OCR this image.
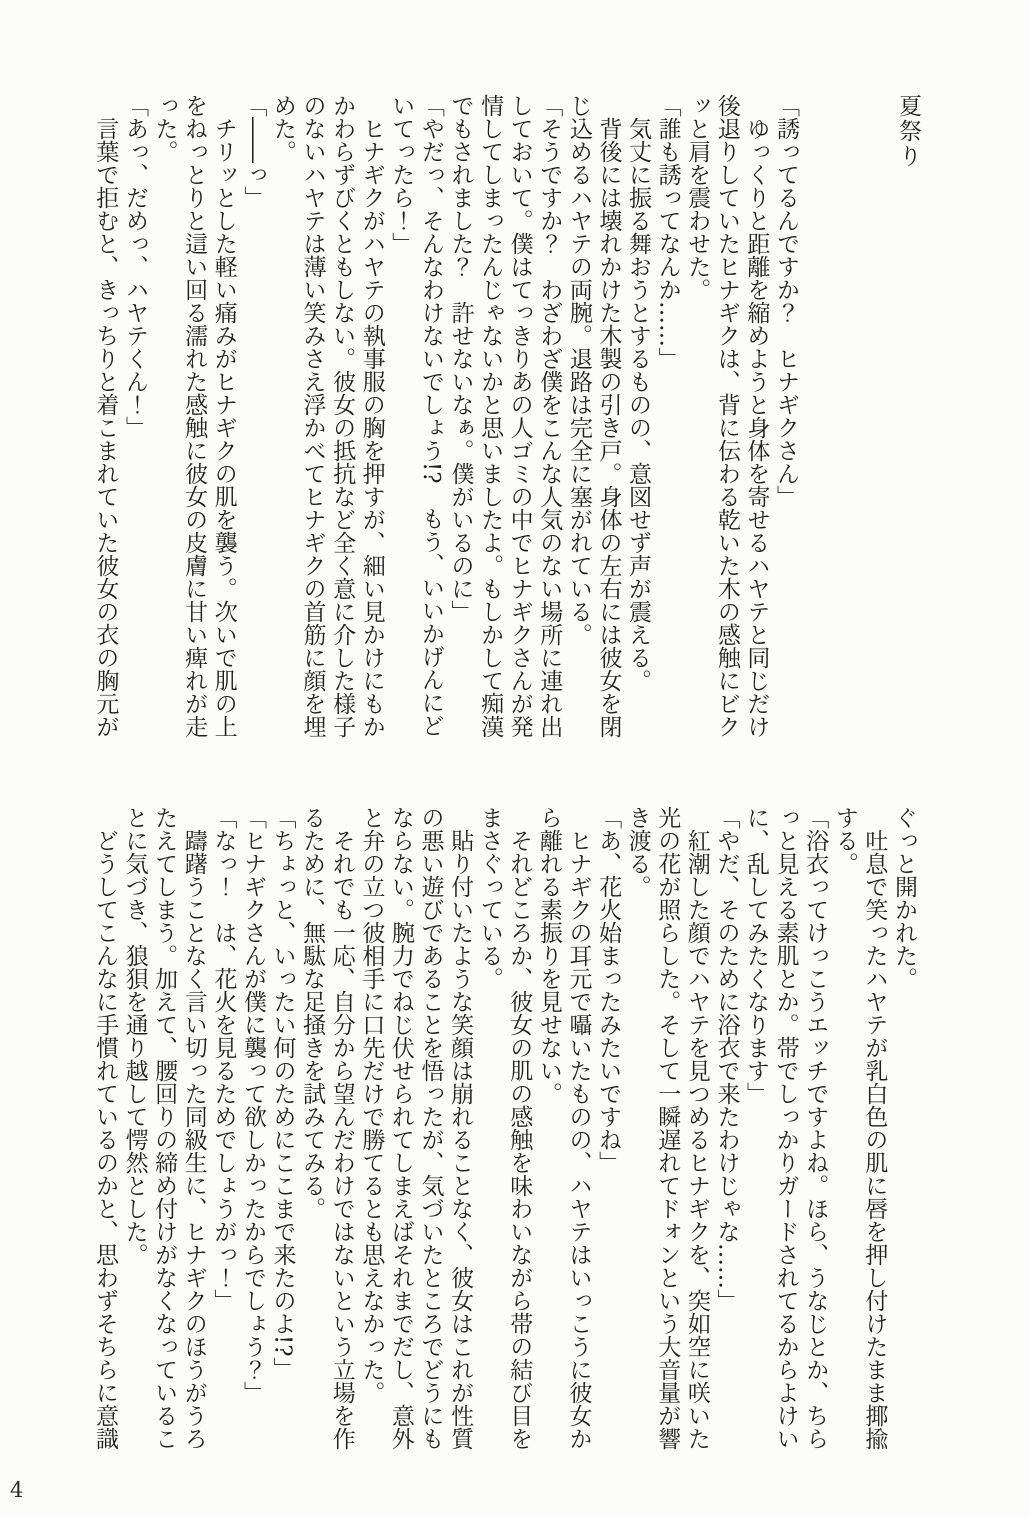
夏祭り

「誘ってるんですか？　ヒナギクさん」

　ゆっくりと距離を縮めようと身体を寄せるハヤテと同じだけ後退りしていたヒナギクは、背に伝わる乾いた木の感触にビクッと肩を震わせた。

「誰も誘ってなんか……」

　気丈に振る舞おうとするものの、意図せず声が震える。

　背後には壊れかけた木製の引き戸。身体の左右には彼女を閉じ込めるハヤテの両腕。退路は完全に塞がれている。

「そうですか？　わざわざ僕をこんな人気のない場所に連れ出しておいて。僕はてっきりあの人ゴミの中でヒナギクさんが発情してしまったんじゃないかと思いましたよ。もしかして痴漢でもされました？　許せないなぁ。僕がいるのに」

「やだっ、そんなわけないでしょう!?　もう、いいかげんにどいてったら！」

　ヒナギクがハヤテの執事服の胸を押すが、細い見かけにもかかわらずびくともしない。彼女の抵抗など全く意に介した様子のないハヤテは薄い笑みさえ浮かべてヒナギクの首筋に顔を埋めた。

「――っ」

　チリッとした軽い痛みがヒナギクの肌を襲う。次いで肌の上をねっとりと這い回る濡れた感触に彼女の皮膚に甘い痺れが走った。

「あっ、だめっ、ハヤテくん！」

　言葉で拒むと、きっちりと着こまれていた彼女の衣の胸元が

ぐっと開かれた。

　吐息で笑ったハヤテが乳白色の肌に唇を押し付けたまま揶揄する。

「浴衣ってけっこうエッチですよね。ほら、うなじとか、ちらっと見える素肌とか。帯でしっかりガードされてるからよけいに、乱してみたくなります」

「やだ、そのために浴衣で来たわけじゃな……」

　紅潮した顔でハヤテを見つめるヒナギクを、突如空に咲いた光の花が照らした。そして一瞬遅れてドォンという大音量が響き渡る。

「あ、花火始まったみたいですね」

　ヒナギクの耳元で囁いたものの、ハヤテはいっこうに彼女から離れる素振りを見せない。

　それどころか、彼女の肌の感触を味わいながら帯の結び目をまさぐっている。

　貼り付いたような笑顔は崩れることなく、彼女はこれが性質の悪い遊びであることを悟ったが、気づいたところでどうにもならない。腕力でねじ伏せられてしまえばそれまでだし、意外と弁の立つ彼相手に口先だけで勝てるとも思えなかった。

　それでも一応、自分から望んだわけではないという立場を作るために、無駄な足掻きを試みてみる。

「ちょっと、いったい何のためにここまで来たのよ!?」

「ヒナギクさんが僕に襲って欲しかったからでしょう？」

「なっ！　は、花火を見るためでしょうがっ！」

　躊躇うことなく言い切った同級生に、ヒナギクのほうがうろたえてしまう。加えて、腰回りの締め付けがなくなっていることに気づき、狼狽を通り越して愕然とした。

　どうしてこんなに手慣れているのかと、思わずそちらに意識

4
